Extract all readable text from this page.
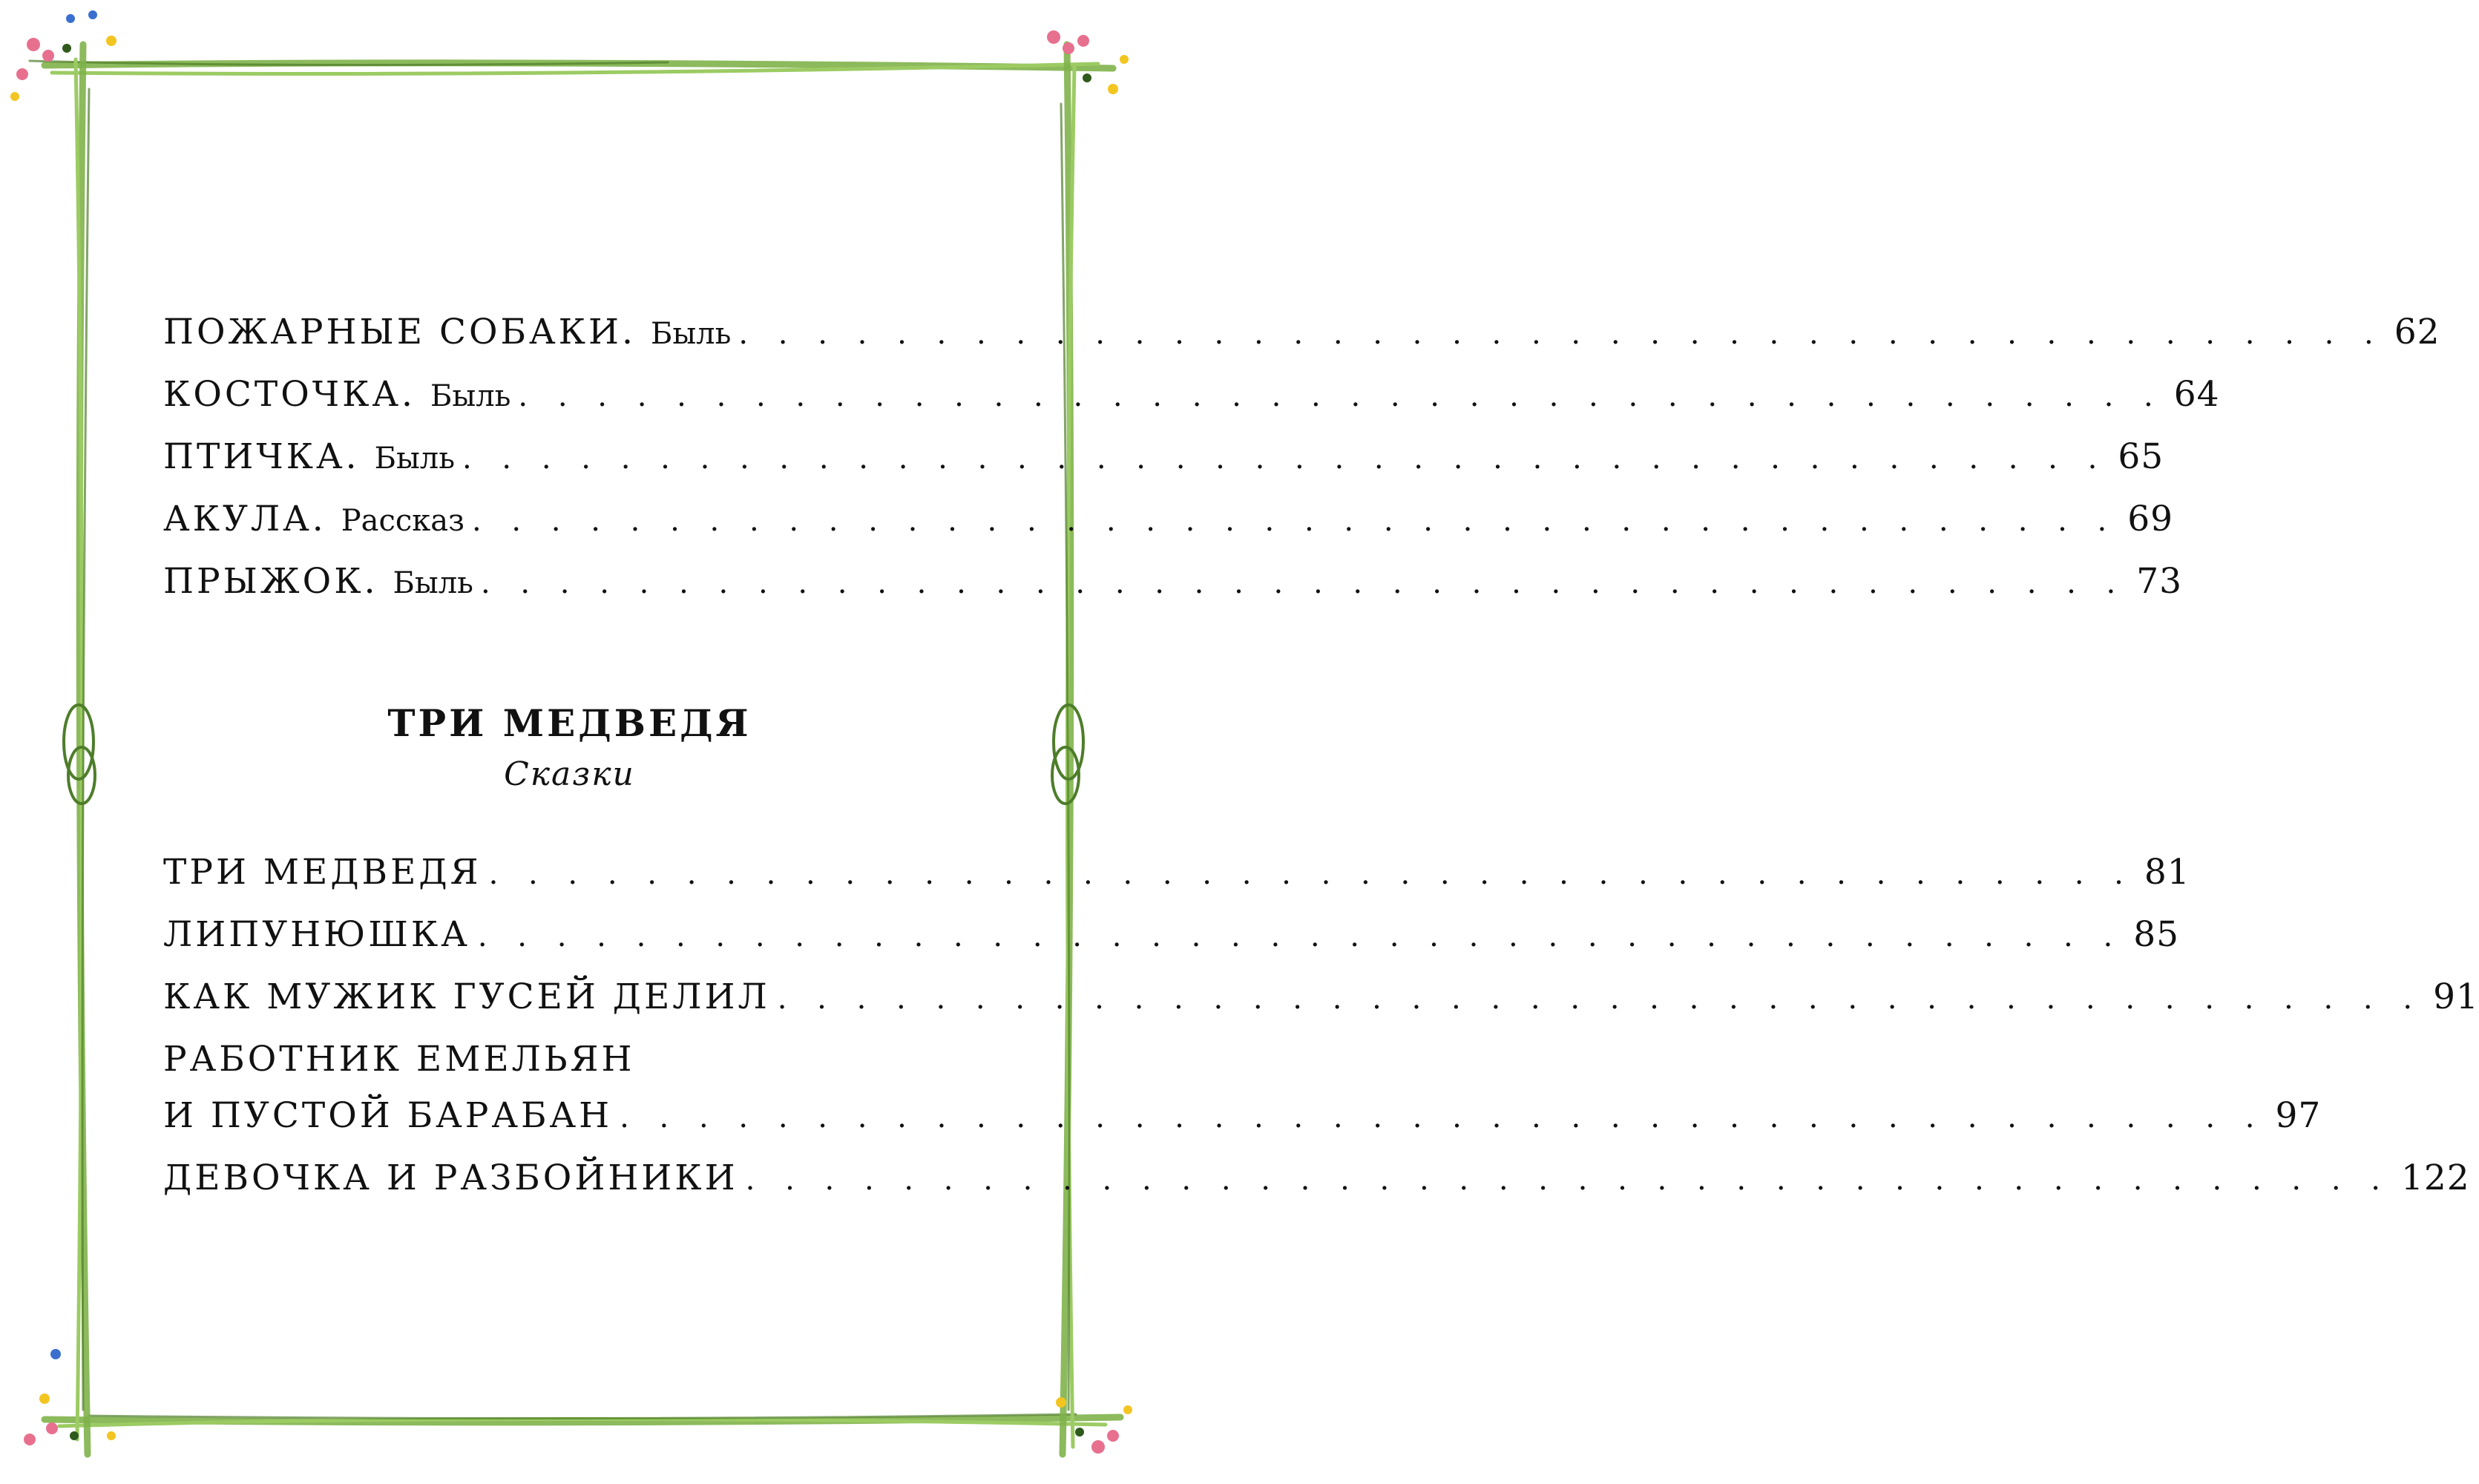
ПОЖАРНЫЕ СОБАКИ. Быль . . . . . . . . . . . . . . . . . . . . . . . . . . . . . . . . . . . . . . . . . . 62
КОСТОЧКА. Быль . . . . . . . . . . . . . . . . . . . . . . . . . . . . . . . . . . . . . . . . . . 64
ПТИЧКА. Быль . . . . . . . . . . . . . . . . . . . . . . . . . . . . . . . . . . . . . . . . . . 65
АКУЛА. Рассказ . . . . . . . . . . . . . . . . . . . . . . . . . . . . . . . . . . . . . . . . . . 69
ПРЫЖОК. Быль . . . . . . . . . . . . . . . . . . . . . . . . . . . . . . . . . . . . . . . . . . 73
ТРИ МЕДВЕДЯ
Сказки
ТРИ МЕДВЕДЯ . . . . . . . . . . . . . . . . . . . . . . . . . . . . . . . . . . . . . . . . . . 81
ЛИПУНЮШКА . . . . . . . . . . . . . . . . . . . . . . . . . . . . . . . . . . . . . . . . . . 85
КАК МУЖИК ГУСЕЙ ДЕЛИЛ . . . . . . . . . . . . . . . . . . . . . . . . . . . . . . . . . . . . . . . . . . 91
РАБОТНИК ЕМЕЛЬЯН
И ПУСТОЙ БАРАБАН . . . . . . . . . . . . . . . . . . . . . . . . . . . . . . . . . . . . . . . . . . 97
ДЕВОЧКА И РАЗБОЙНИКИ . . . . . . . . . . . . . . . . . . . . . . . . . . . . . . . . . . . . . . . . . . 122
